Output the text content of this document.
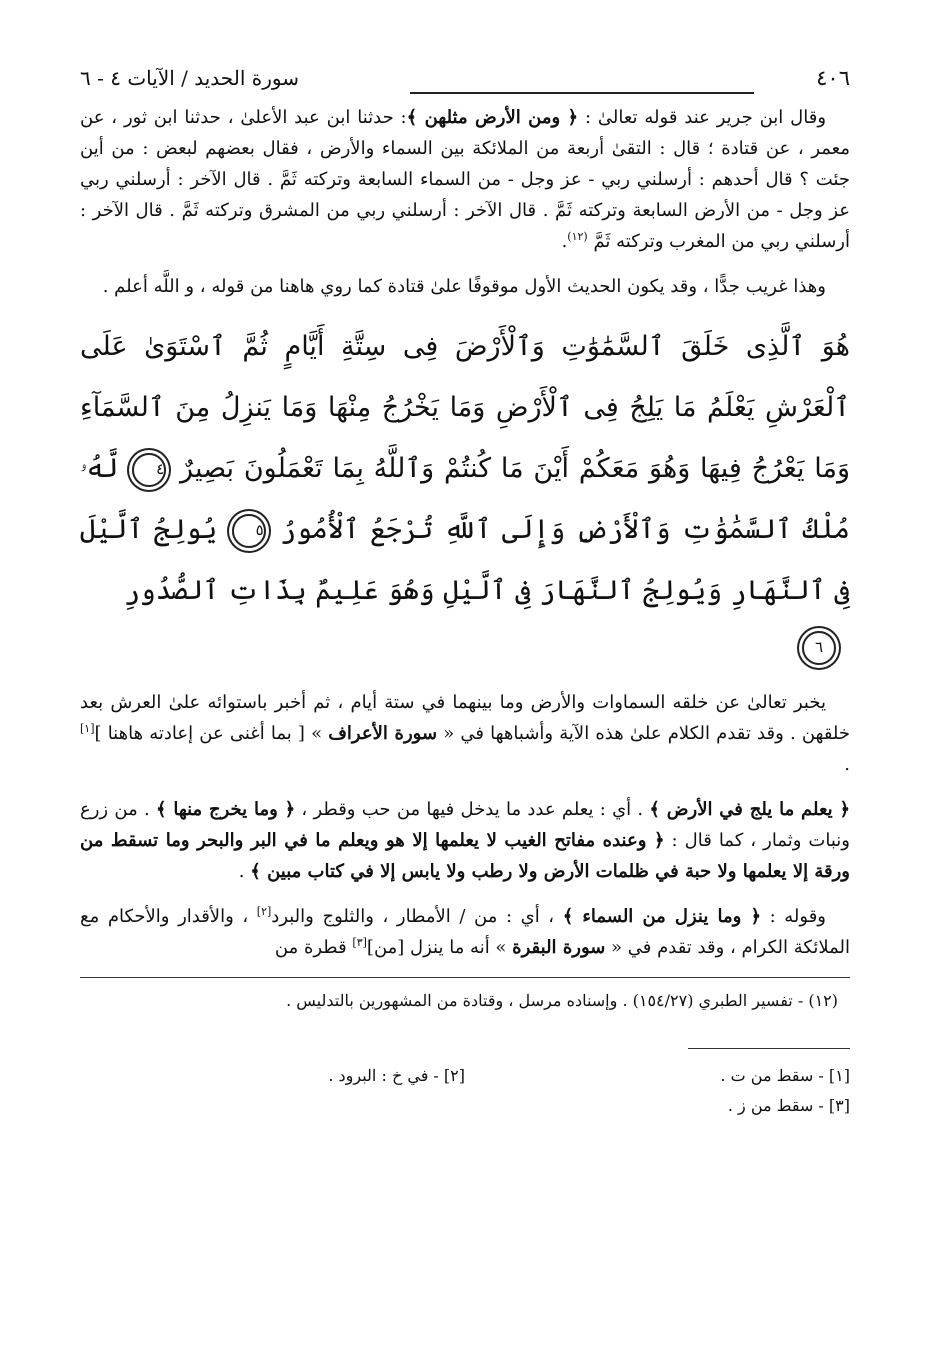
٤٠٦
سورة الحديد / الآيات ٤ - ٦

وقال ابن جرير عند قوله تعالىٰ : ﴿ ومن الأرض مثلهن ﴾: حدثنا ابن عبد الأعلىٰ ، حدثنا ابن ثور ، عن معمر ، عن قتادة ؛ قال : التقىٰ أربعة من الملائكة بين السماء والأرض ، فقال بعضهم لبعض : من أين جئت ؟ قال أحدهم : أرسلني ربي - عز وجل - من السماء السابعة وتركته ثَمَّ . قال الآخر : أرسلني ربي عز وجل - من الأرض السابعة وتركته ثَمَّ . قال الآخر : أرسلني ربي من المشرق وتركته ثَمَّ . قال الآخر : أرسلني ربي من المغرب وتركته ثَمَّ $^{(١٢)}$.

وهذا غريب جدًّا ، وقد يكون الحديث الأول موقوفًا علىٰ قتادة كما روي هاهنا من قوله ، و اللَّه أعلم .

هُوَ ٱلَّذِى خَلَقَ ٱلسَّمَٰوَٰتِ وَٱلْأَرْضَ فِى سِتَّةِ أَيَّامٍ ثُمَّ ٱسْتَوَىٰ عَلَى ٱلْعَرْشِ يَعْلَمُ مَا يَلِجُ فِى ٱلْأَرْضِ وَمَا يَخْرُجُ مِنْهَا وَمَا يَنزِلُ مِنَ ٱلسَّمَآءِ وَمَا يَعْرُجُ فِيهَا وَهُوَ مَعَكُمْ أَيْنَ مَا كُنتُمْ وَٱللَّهُ بِمَا تَعْمَلُونَ بَصِيرٌ ٤ لَّهُۥ مُلْكُ ٱلسَّمَٰوَٰتِ وَٱلْأَرْضِ وَإِلَى ٱللَّهِ تُرْجَعُ ٱلْأُمُورُ ٥ يُولِجُ ٱلَّيْلَ فِى ٱلنَّهَارِ وَيُولِجُ ٱلنَّهَارَ فِى ٱلَّيْلِ وَهُوَ عَلِيمٌ بِذَاتِ ٱلصُّدُورِ
٦

يخبر تعالىٰ عن خلقه السماوات والأرض وما بينهما في ستة أيام ، ثم أخبر باستوائه علىٰ العرش بعد خلقهن . وقد تقدم الكلام علىٰ هذه الآية وأشباهها في « سورة الأعراف » [ بما أغنى عن إعادته هاهنا ][١] .

﴿ يعلم ما يلج في الأرض ﴾ . أي : يعلم عدد ما يدخل فيها من حب وقطر ، ﴿ وما يخرج منها ﴾ . من زرع ونبات وثمار ، كما قال : ﴿ وعنده مفاتح الغيب لا يعلمها إلا هو ويعلم ما في البر والبحر وما تسقط من ورقة إلا يعلمها ولا حبة في ظلمات الأرض ولا رطب ولا يابس إلا في كتاب مبين ﴾ .

وقوله : ﴿ وما ينزل من السماء ﴾ ، أي : من / الأمطار ، والثلوج والبرد[٢] ، والأقدار والأحكام مع الملائكة الكرام ، وقد تقدم في « سورة البقرة » أنه ما ينزل [من][٣] قطرة من

(١٢) - تفسير الطبري (١٥٤/٢٧) . وإسناده مرسل ، وقتادة من المشهورين بالتدليس .
[١] - سقط من ت .
[٢] - في خ : البرود .
[٣] - سقط من ز .
